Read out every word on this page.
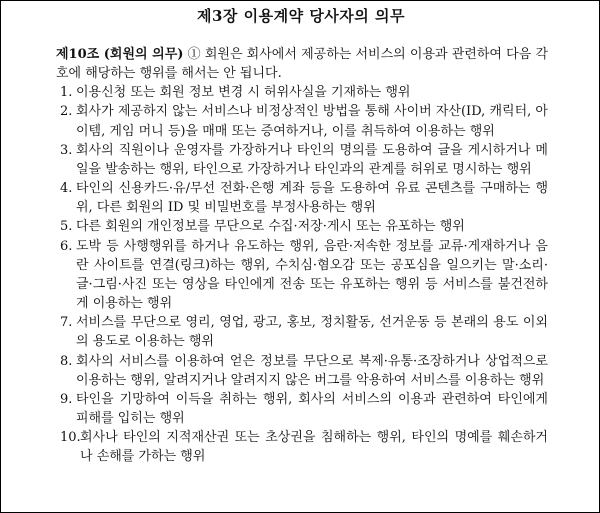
제3장 이용계약 당사자의 의무

제10조 (회원의 의무) ① 회원은 회사에서 제공하는 서비스의 이용과 관련하여 다음 각 호에 해당하는 행위를 해서는 안 됩니다.

1. 이용신청 또는 회원 정보 변경 시 허위사실을 기재하는 행위
2. 회사가 제공하지 않는 서비스나 비정상적인 방법을 통해 사이버 자산(ID, 캐릭터, 아이템, 게임 머니 등)을 매매 또는 증여하거나, 이를 취득하여 이용하는 행위
3. 회사의 직원이나 운영자를 가장하거나 타인의 명의를 도용하여 글을 게시하거나 메일을 발송하는 행위, 타인으로 가장하거나 타인과의 관계를 허위로 명시하는 행위
4. 타인의 신용카드·유/무선 전화·은행 계좌 등을 도용하여 유료 콘텐츠를 구매하는 행위, 다른 회원의 ID 및 비밀번호를 부정사용하는 행위
5. 다른 회원의 개인정보를 무단으로 수집·저장·게시 또는 유포하는 행위
6. 도박 등 사행행위를 하거나 유도하는 행위, 음란·저속한 정보를 교류·게재하거나 음란 사이트를 연결(링크)하는 행위, 수치심·혐오감 또는 공포심을 일으키는 말·소리·글·그림·사진 또는 영상을 타인에게 전송 또는 유포하는 행위 등 서비스를 불건전하게 이용하는 행위
7. 서비스를 무단으로 영리, 영업, 광고, 홍보, 정치활동, 선거운동 등 본래의 용도 이외의 용도로 이용하는 행위
8. 회사의 서비스를 이용하여 얻은 정보를 무단으로 복제·유통·조장하거나 상업적으로 이용하는 행위, 알려지거나 알려지지 않은 버그를 악용하여 서비스를 이용하는 행위
9. 타인을 기망하여 이득을 취하는 행위, 회사의 서비스의 이용과 관련하여 타인에게 피해를 입히는 행위
10. 회사나 타인의 지적재산권 또는 초상권을 침해하는 행위, 타인의 명예를 훼손하거나 손해를 가하는 행위
